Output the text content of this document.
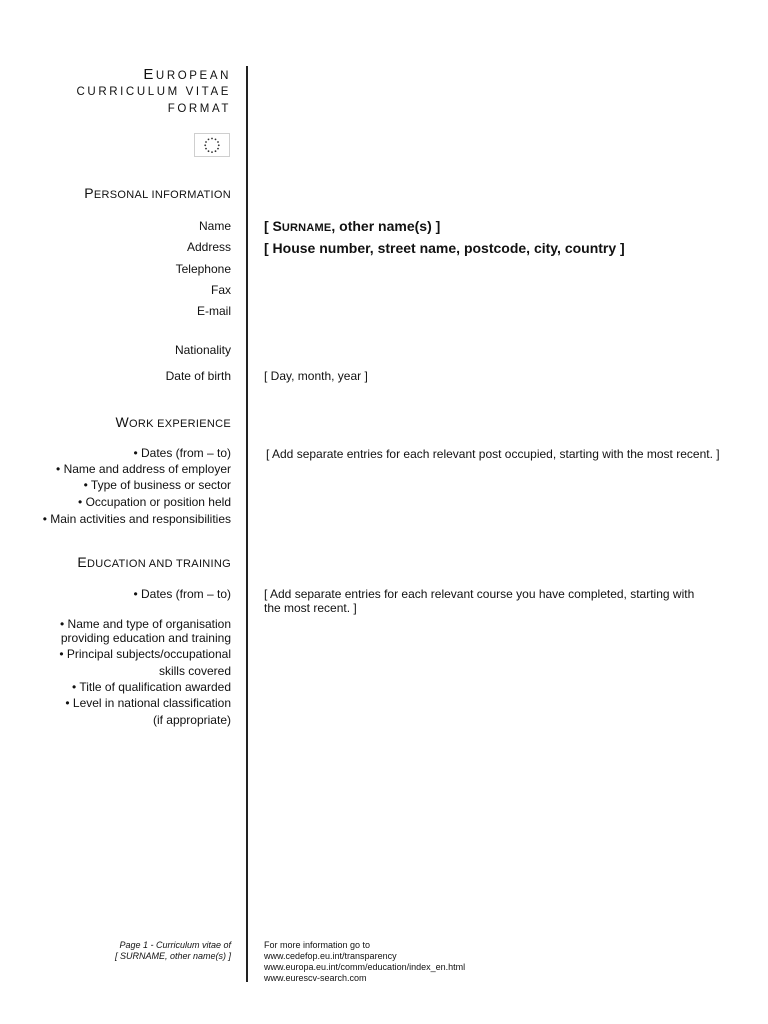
EUROPEAN
CURRICULUM VITAE
FORMAT
PERSONAL INFORMATION
Name
Address
Telephone
Fax
E-mail
Nationality
Date of birth
[ SURNAME, other name(s) ]
[ House number, street name, postcode, city, country ]
[ Day, month, year ]
WORK EXPERIENCE
• Dates (from – to)
• Name and address of employer
• Type of business or sector
• Occupation or position held
• Main activities and responsibilities
[ Add separate entries for each relevant post occupied, starting with the most recent. ]
EDUCATION AND TRAINING
• Dates (from – to)
• Name and type of organisation
providing education and training
• Principal subjects/occupational
skills covered
• Title of qualification awarded
• Level in national classification
(if appropriate)
[ Add separate entries for each relevant course you have completed, starting with the most recent. ]
Page 1 - Curriculum vitae of
[ SURNAME, other name(s) ]
For more information go to
www.cedefop.eu.int/transparency
www.europa.eu.int/comm/education/index_en.html
www.eurescv-search.com
